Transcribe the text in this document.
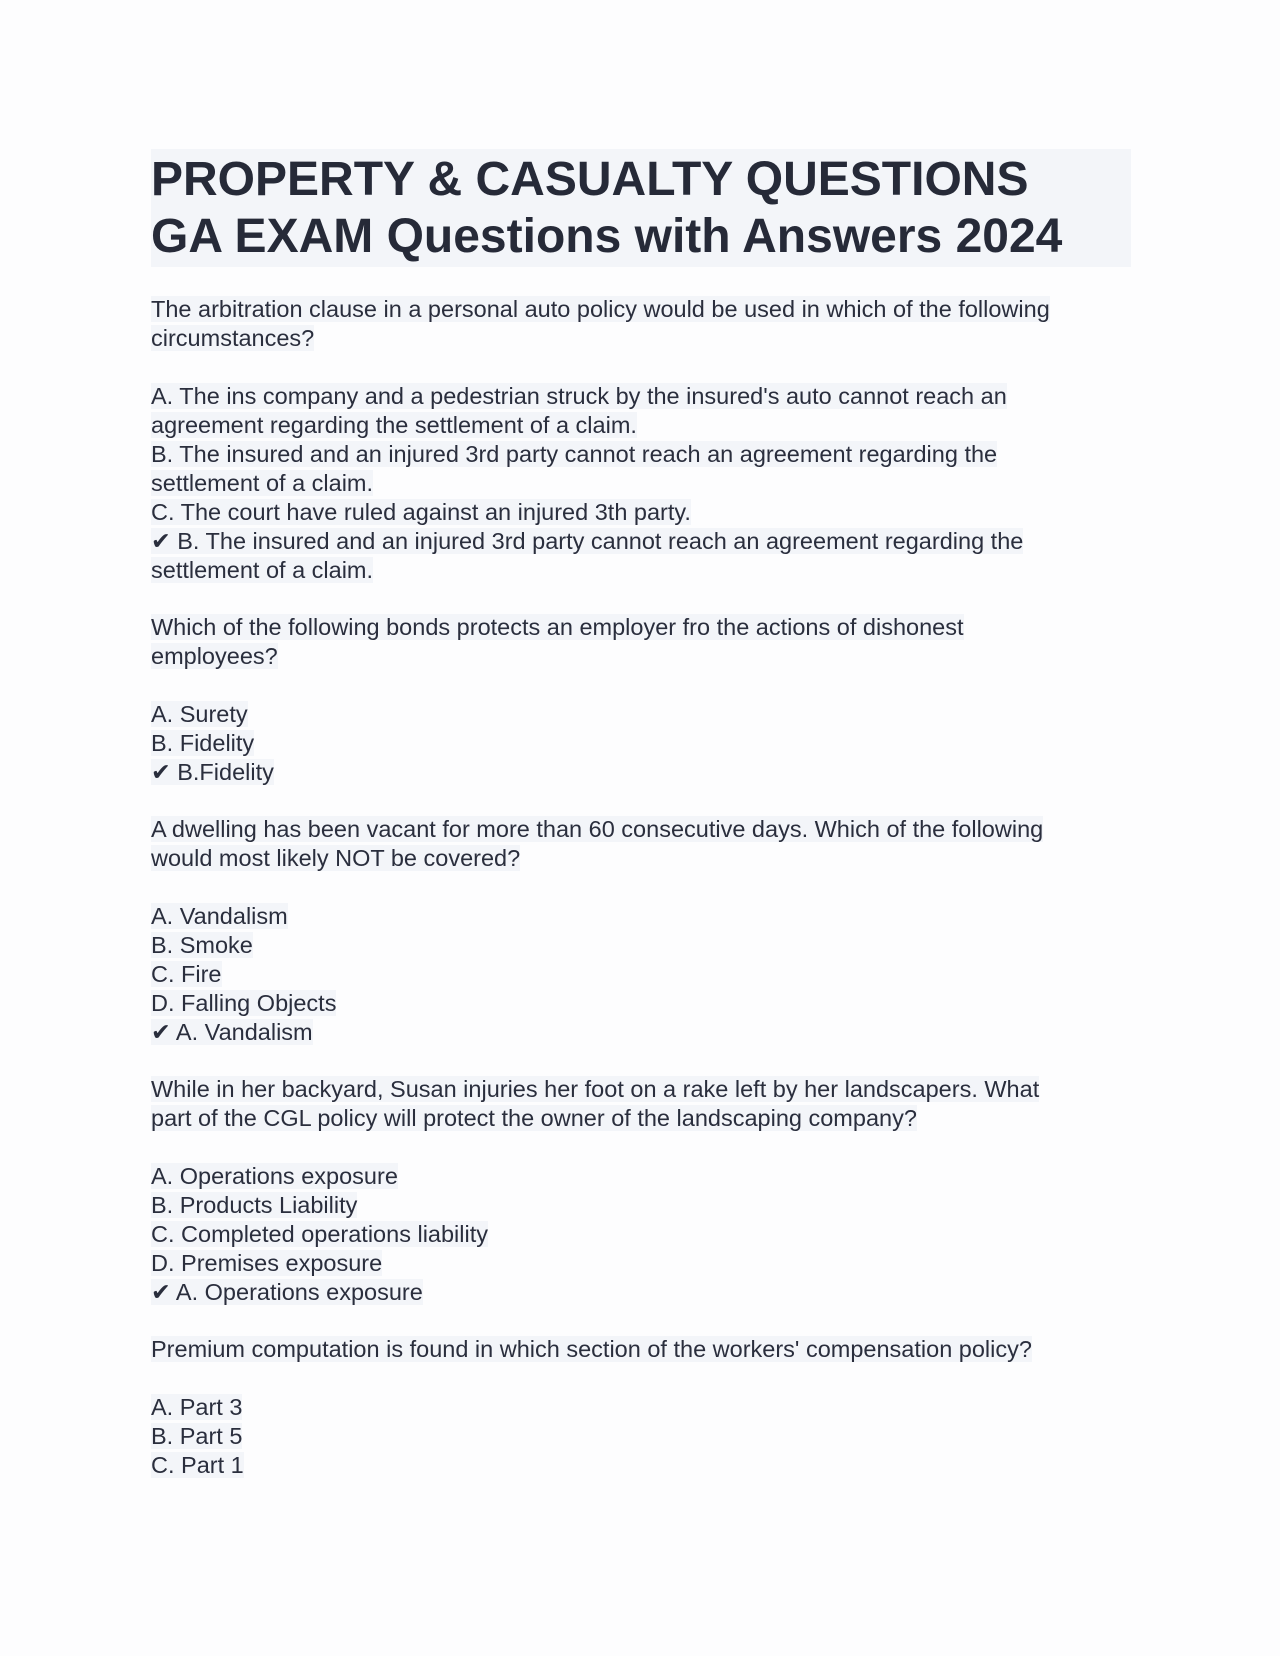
PROPERTY & CASUALTY QUESTIONS
GA EXAM Questions with Answers 2024
The arbitration clause in a personal auto policy would be used in which of the following
circumstances?
A. The ins company and a pedestrian struck by the insured's auto cannot reach an
agreement regarding the settlement of a claim.
B. The insured and an injured 3rd party cannot reach an agreement regarding the
settlement of a claim.
C. The court have ruled against an injured 3th party.
✔ B. The insured and an injured 3rd party cannot reach an agreement regarding the
settlement of a claim.
Which of the following bonds protects an employer fro the actions of dishonest
employees?
A. Surety
B. Fidelity
✔ B.Fidelity
A dwelling has been vacant for more than 60 consecutive days. Which of the following
would most likely NOT be covered?
A. Vandalism
B. Smoke
C. Fire
D. Falling Objects
✔ A. Vandalism
While in her backyard, Susan injuries her foot on a rake left by her landscapers. What
part of the CGL policy will protect the owner of the landscaping company?
A. Operations exposure
B. Products Liability
C. Completed operations liability
D. Premises exposure
✔ A. Operations exposure
Premium computation is found in which section of the workers' compensation policy?
A. Part 3
B. Part 5
C. Part 1
